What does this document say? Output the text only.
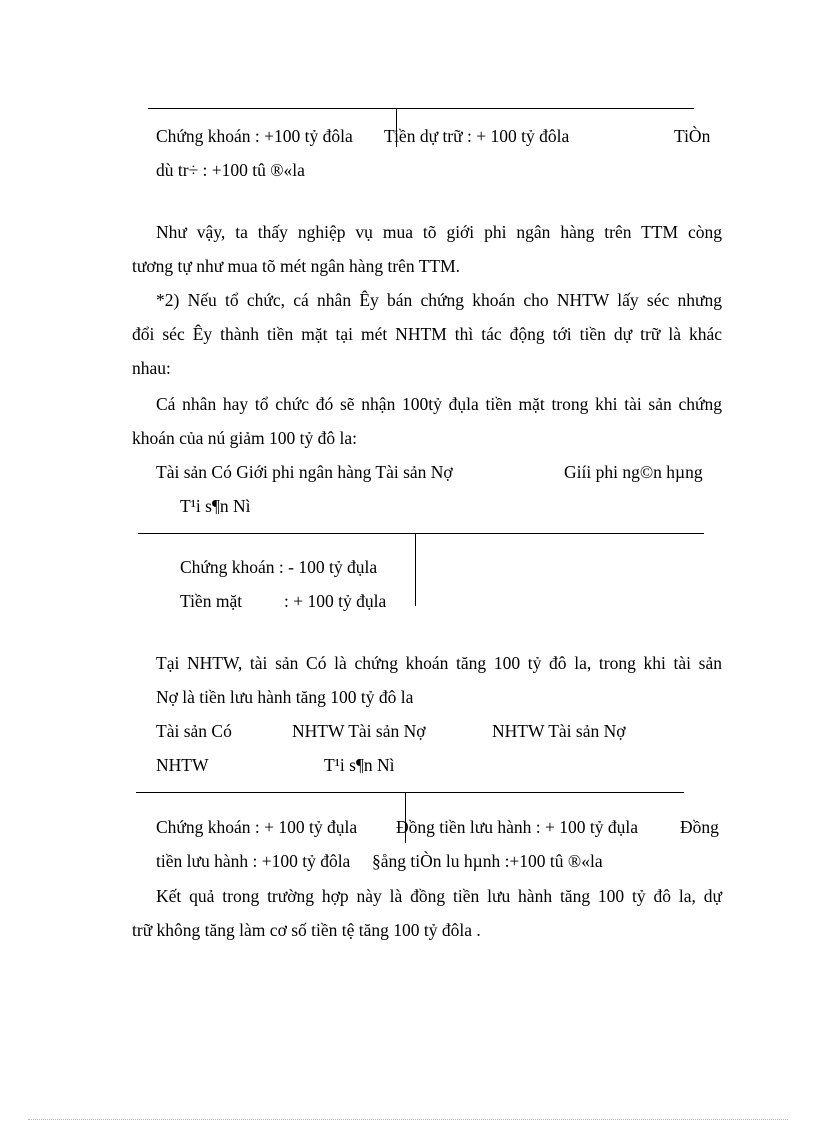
Chứng khoán : +100 tỷ đôla Tiền dự trữ : + 100 tỷ đôla	TiÒn
dù tr÷ : +100 tû ®«la
Như vậy, ta thấy nghiệp vụ mua tõ giới phi ngân hàng trên TTM còng
tương tự như mua tõ mét ngân hàng trên TTM.
*2) Nếu tổ chức, cá nhân Êy bán chứng khoán cho NHTW lấy séc nhưng
đổi séc Êy thành tiền mặt tại mét NHTM thì tác động tới tiền dự trữ là khác
nhau:
Cá nhân hay tổ chức đó sẽ nhận 100tỷ đụla tiền mặt trong khi tài sản chứng
khoán của nú giảm 100 tỷ đô la:
Tài sản Có Giới phi ngân hàng Tài sản Nợ	Giíi phi ng©n hµng
T¹i s¶n Nì
Chứng khoán : - 100 tỷ đụla
Tiền mặt : + 100 tỷ đụla
Tại NHTW, tài sản Có là chứng khoán tăng 100 tỷ đô la, trong khi tài sản
Nợ là tiền lưu hành tăng 100 tỷ đô la
Tài sản Có	NHTW Tài sản Nợ	NHTW Tài sản Nợ
NHTW	T¹i s¶n Nì
Chứng khoán : + 100 tỷ đụla Đồng tiền lưu hành : + 100 tỷ đụla Đồng
tiền lưu hành : +100 tỷ đôla §ång tiÒn lu hµnh :+100 tû ®«la
Kết quả trong trường hợp này là đồng tiền lưu hành tăng 100 tỷ đô la, dự
trữ không tăng làm cơ số tiền tệ tăng 100 tỷ đôla .
